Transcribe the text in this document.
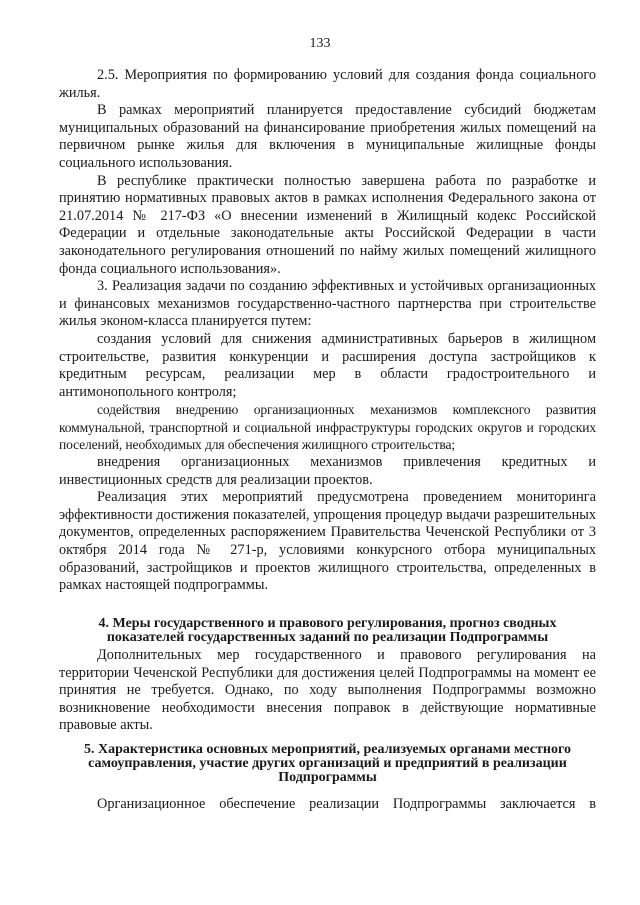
133

2.5. Мероприятия по формированию условий для создания фонда социального жилья.

В рамках мероприятий планируется предоставление субсидий бюджетам муниципальных образований на финансирование приобретения жилых помещений на первичном рынке жилья для включения в муниципальные жилищные фонды социального использования.

В республике практически полностью завершена работа по разработке и принятию нормативных правовых актов в рамках исполнения Федерального закона от 21.07.2014 № 217-ФЗ «О внесении изменений в Жилищный кодекс Российской Федерации и отдельные законодательные акты Российской Федерации в части законодательного регулирования отношений по найму жилых помещений жилищного фонда социального использования».

3. Реализация задачи по созданию эффективных и устойчивых организационных и финансовых механизмов государственно-частного партнерства при строительстве жилья эконом-класса планируется путем:

создания условий для снижения административных барьеров в жилищном строительстве, развития конкуренции и расширения доступа застройщиков к кредитным ресурсам, реализации мер в области градостроительного и антимонопольного контроля;

содействия внедрению организационных механизмов комплексного развития коммунальной, транспортной и социальной инфраструктуры городских округов и городских поселений, необходимых для обеспечения жилищного строительства;

внедрения организационных механизмов привлечения кредитных и инвестиционных средств для реализации проектов.

Реализация этих мероприятий предусмотрена проведением мониторинга эффективности достижения показателей, упрощения процедур выдачи разрешительных документов, определенных распоряжением Правительства Чеченской Республики от 3 октября 2014 года № 271-р, условиями конкурсного отбора муниципальных образований, застройщиков и проектов жилищного строительства, определенных в рамках настоящей подпрограммы.

4. Меры государственного и правового регулирования, прогноз сводных
показателей государственных заданий по реализации Подпрограммы

Дополнительных мер государственного и правового регулирования на территории Чеченской Республики для достижения целей Подпрограммы на момент ее принятия не требуется. Однако, по ходу выполнения Подпрограммы возможно возникновение необходимости внесения поправок в действующие нормативные правовые акты.

5. Характеристика основных мероприятий, реализуемых органами местного
самоуправления, участие других организаций и предприятий в реализации
Подпрограммы

Организационное обеспечение реализации Подпрограммы заключается в
